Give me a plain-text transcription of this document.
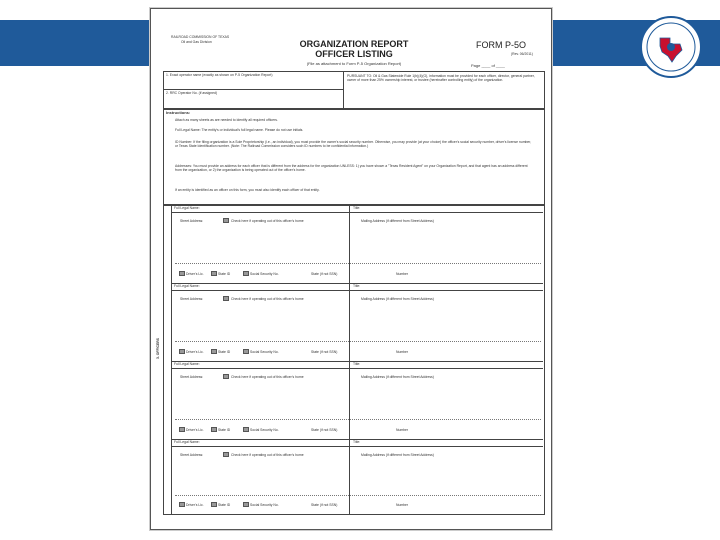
RAILROAD COMMISSION OF TEXAS
Oil and Gas Division	ORGANIZATION REPORT
OFFICER LISTING
(File as attachment to Form P-5 Organization Report)
FORM P-5O
(Rev. 06/2011)
Page ____ of ____
1. Exact operator name (exactly as shown on P-5 Organization Report)
2. RRC Operator No. (if assigned)
PURSUANT TO: Oil & Gas Statewide Rule 1(b)(4)(G), information must be provided for each officer, director, general partner, owner of more than 25% ownership interest, or trustee (hereinafter controlling entity) of the organization.
Instructions:
Attach as many sheets as are needed to identify all required officers.
Full Legal Name: The entity's or individual's full legal name. Please do not use initials.
ID Number: If the filing organization is a Sole Proprietorship (i.e., an individual), you must provide the owner's social security number. Otherwise, you may provide (at your choice) the officer's social security number, driver's license number, or Texas State Identification number. (Note: The Railroad Commission considers such ID numbers to be confidential information.)
Addresses: You must provide an address for each officer that is different from the address for the organization UNLESS: 1) you have shown a "Texas Resident Agent" on your Organization Report, and that agent has an address different from the organization, or 2) the organization is being operated out of the officer's home.
If an entity is identified as an officer on this form, you must also identify each officer of that entity.
3. OFFICERS
Full Legal Name:	Title:
Street Address:	Check here if operating out of this officer's home	Mailing Address (if different from Street Address)
Driver's Lic.	State ID	Social Security No.	State (if not SSN)	Number
Full Legal Name:	Title:
Street Address:	Check here if operating out of this officer's home	Mailing Address (if different from Street Address)
Driver's Lic.	State ID	Social Security No.	State (if not SSN)	Number
Full Legal Name:	Title:
Street Address:	Check here if operating out of this officer's home	Mailing Address (if different from Street Address)
Driver's Lic.	State ID	Social Security No.	State (if not SSN)	Number
Full Legal Name:	Title:
Street Address:	Check here if operating out of this officer's home	Mailing Address (if different from Street Address)
Driver's Lic.	State ID	Social Security No.	State (if not SSN)	Number
